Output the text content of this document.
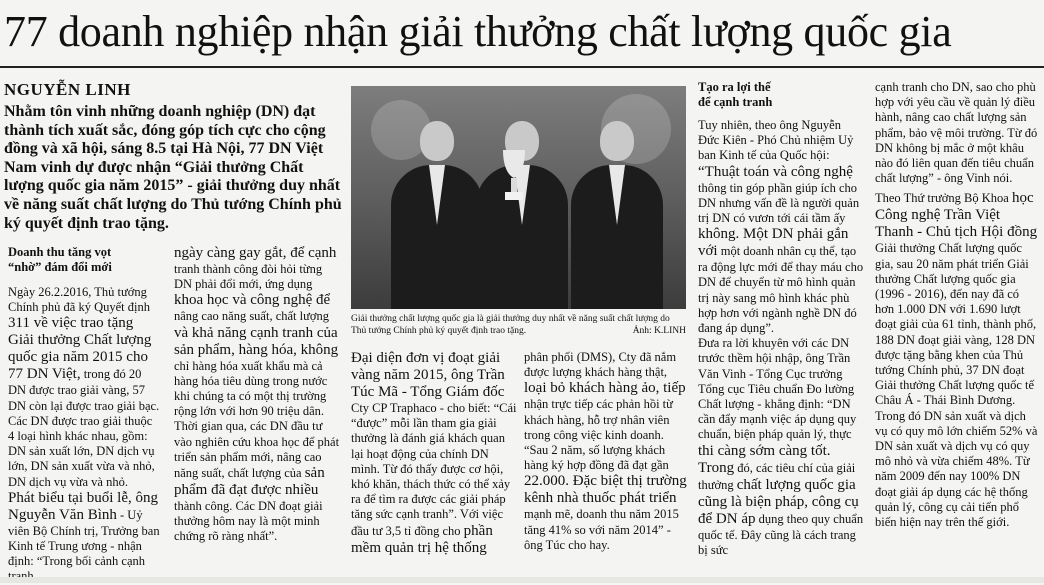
77 doanh nghiệp nhận giải thưởng chất lượng quốc gia
NGUYỄN LINH
Nhằm tôn vinh những doanh nghiệp (DN) đạt thành tích xuất sắc, đóng góp tích cực cho cộng đồng và xã hội, sáng 8.5 tại Hà Nội, 77 DN Việt Nam vinh dự được nhận “Giải thưởng Chất lượng quốc gia năm 2015” - giải thưởng duy nhất về năng suất chất lượng do Thủ tướng Chính phủ ký quyết định trao tặng.
Giải thưởng chất lượng quốc gia là giải thưởng duy nhất về năng suất chất lượng do Thủ tướng Chính phủ ký quyết định trao tặng.	Ảnh: K.LINH

Doanh thu tăng vọt

“nhờ” đám đổi mới

Ngày 26.2.2016, Thủ tướng Chính phủ đã ký Quyết định 311 về việc trao tặng Giải thưởng Chất lượng quốc gia năm 2015 cho 77 DN Việt, trong đó 20 DN được trao giải vàng, 57 DN còn lại được trao giải bạc. Các DN được trao giải thuộc 4 loại hình khác nhau, gồm: DN sản xuất lớn, DN dịch vụ lớn, DN sản xuất vừa và nhỏ, DN dịch vụ vừa và nhỏ.

Phát biểu tại buổi lễ, ông Nguyễn Văn Bình - Uỷ viên Bộ Chính trị, Trưởng ban Kinh tế Trung ương - nhận định: “Trong bối cảnh cạnh

ngày càng gay gắt, để cạnh tranh thành công đòi hỏi từng DN phải đổi mới, ứng dụng khoa học và công nghệ để nâng cao năng suất, chất lượng và khả năng cạnh tranh của sản phẩm, hàng hóa, không chỉ hàng hóa xuất khẩu mà cả hàng hóa tiêu dùng trong nước khi chúng ta có một thị trường rộng lớn với hơn 90 triệu dân.

Thời gian qua, các DN đầu tư vào nghiên cứu khoa học để phát triển sản phẩm mới, nâng cao năng suất, chất lượng của sản phẩm đã đạt được nhiều thành công. Các DN đoạt giải thưởng hôm nay là một minh chứng rõ ràng nhất”.

Đại diện đơn vị đoạt giải vàng năm 2015, ông Trần Túc Mã - Tổng Giám đốc Cty CP Traphaco - cho biết: “Cái “được” mỗi lần tham gia giải thưởng là đánh giá khách quan lại hoạt động của chính DN mình. Từ đó thấy được cơ hội, khó khăn, thách thức có thể xảy ra để tìm ra được các giải pháp tăng sức cạnh tranh”. Với việc đầu tư 3,5 tỉ đồng cho phần mềm quản trị hệ thống

phân phối (DMS), Cty đã nắm được lượng khách hàng thật, loại bỏ khách hàng ảo, tiếp nhận trực tiếp các phản hồi từ khách hàng, hỗ trợ nhân viên trong công việc kinh doanh. “Sau 2 năm, số lượng khách hàng ký hợp đồng đã đạt gần 22.000. Đặc biệt thị trường kênh nhà thuốc phát triển mạnh mẽ, doanh thu năm 2015 tăng 41% so với năm 2014” - ông Túc cho hay.

Tạo ra lợi thế

để cạnh tranh

Tuy nhiên, theo ông Nguyễn Đức Kiên - Phó Chủ nhiệm Uỷ ban Kinh tế của Quốc hội: “Thuật toán và công nghệ thông tin góp phần giúp ích cho DN nhưng vấn đề là người quản trị DN có vươn tới cái tầm ấy không. Một DN phải gắn với một doanh nhân cụ thể, tạo ra động lực mới để thay máu cho DN để chuyển từ mô hình quản trị này sang mô hình khác phù hợp hơn với ngành nghề DN đó đang áp dụng”.

Đưa ra lời khuyên với các DN trước thềm hội nhập, ông Trần Văn Vinh - Tổng Cục trưởng Tổng cục Tiêu chuẩn Đo lường Chất lượng - khẳng định: “DN cần đẩy mạnh việc áp dụng quy chuẩn, biện pháp quản lý, thực thi càng sớm càng tốt. Trong đó, các tiêu chí của giải thưởng chất lượng quốc gia cũng là biện pháp, công cụ để DN áp dụng theo quy chuẩn quốc tế. Đây cũng là cách trang bị sức

cạnh tranh cho DN, sao cho phù hợp với yêu cầu về quản lý điều hành, nâng cao chất lượng sản phẩm, bảo vệ môi trường. Từ đó DN không bị mắc ở một khâu nào đó liên quan đến tiêu chuẩn chất lượng” - ông Vinh nói.

Theo Thứ trưởng Bộ Khoa học Công nghệ Trần Việt Thanh - Chủ tịch Hội đồng Giải thưởng Chất lượng quốc gia, sau 20 năm phát triển Giải thưởng Chất lượng quốc gia (1996 - 2016), đến nay đã có hơn 1.000 DN với 1.690 lượt đoạt giải của 61 tỉnh, thành phố, 188 DN đoạt giải vàng, 128 DN được tặng bằng khen của Thủ tướng Chính phủ, 37 DN đoạt Giải thưởng Chất lượng quốc tế Châu Á - Thái Bình Dương. Trong đó DN sản xuất và dịch vụ có quy mô lớn chiếm 52% và DN sản xuất và dịch vụ có quy mô nhỏ và vừa chiếm 48%. Từ năm 2009 đến nay 100% DN đoạt giải áp dụng các hệ thống quản lý, công cụ cải tiến phổ biến hiện nay trên thế giới.
